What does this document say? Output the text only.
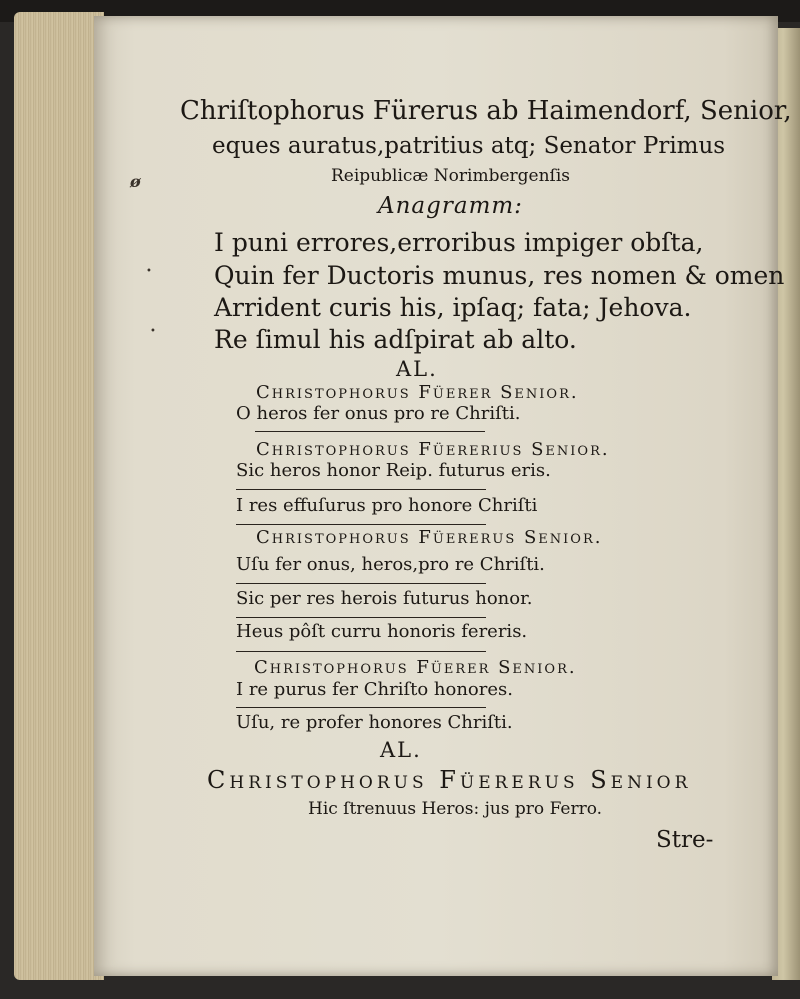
Chriſtophorus Fürerus ab Haimendorf, Senior,
eques auratus,patritius atq; Senator Primus
Reipublicæ Norimbergenſis
Anagramm:
I puni errores,erroribus impiger obſta,
Quin fer Ductoris munus, res nomen & omen
Arrident curis his, ipſaq; fata; Jehova.
Re ſimul his adſpirat ab alto.
AL.
Christophorus Füerer Senior.
O heros fer onus pro re Chriſti.
Christophorus Füererius Senior.
Sic heros honor Reip. futurus eris.
I res effuſurus pro honore Chriſti
Christophorus Füererus Senior.
Uſu fer onus, heros,pro re Chriſti.
Sic per res herois futurus honor.
Heus pôſt curru honoris fereris.
Christophorus Füerer Senior.
I re purus fer Chriſto honores.
Uſu, re profer honores Chriſti.
AL.
Christophorus Füererus Senior
Hic ſtrenuus Heros: jus pro Ferro.
Stre-
ø
•
•
